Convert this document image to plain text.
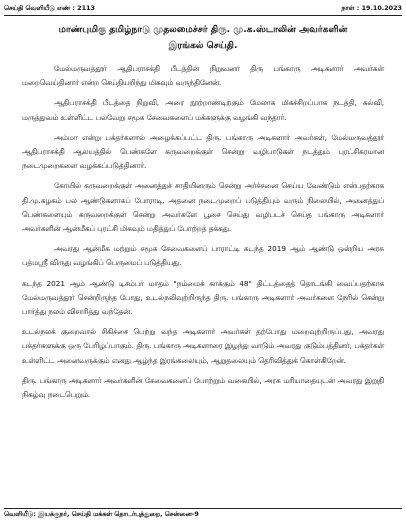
செய்தி வெளியீடு எண் : 2113	நாள் : 19.10.2023
மாண்புமிகு தமிழ்நாடு முதலமைச்சர் திரு. மு.க.ஸ்டாலின் அவர்களின்
இரங்கல் செய்தி.

மேல்மருவத்தூர் ஆதிபராசக்தி பீடத்தின் நிறுவனர் திரு பங்காரு அடிகளார் அவர்கள் மறைவெய்தினார் என்ற செய்தியறிந்து மிகவும் வருந்தினேன்.

ஆதிபராசக்தி பீடத்தை நிறுவி, அரை நூற்றாண்டிற்கும் மேலாக மிகச்சிறப்பாக நடத்தி, கல்வி, மருத்துவம் உள்ளிட்ட பல்வேறு சமூக சேவைகளைப் மக்களுக்கு வழங்கி வந்தார்.

அம்மா என்று பக்தர்களால் அழைக்கப்பட்ட திரு. பங்காரு அடிகளார் அவர்கள், மேல்மருவத்தூர் ஆதிபராசக்தி ஆலயத்தில் பெண்களே கருவறைக்குள் சென்று வழிபாடுகள் நடத்தும் புரட்சிகரமான நடைமுறைகளை வழக்கப்படுத்தினார்.

கோயில் கருவறைக்குள் அனைத்துச் சாதியினரும் சென்று அர்ச்சனை செய்ய வேண்டும் என்பதற்காக தி.மு.கழகம் பல ஆண்டுகளாகப் போராடி, அதனை நடைமுறைப் படுத்தியும் வரும் நிலையில், அனைத்துப் பெண்களையும் கருவறைக்குள் சென்று அவர்களே பூசை செய்து வழிபடச் செய்த பங்காரு அடிகளார் அவர்களின் ஆன்மீகப் புரட்சி மிகவும் மதித்துப் போற்றத் தக்கது.

அவரது ஆன்மீக மற்றும் சமூக சேவைகளைப் பாராட்டி கடந்த 2019 ஆம் ஆண்டு ஒன்றிய அரசு பத்மஸ்ரீ விருது வழங்கிப் பெருமைப் படுத்தியது.

கடந்த 2021 ஆம் ஆண்டு டிசம்பர் மாதம் "நம்மைக் காக்கும் 48" திட்டத்தைத் தொடங்கி வைப்பதற்காக மேல்மருவத்தூர் சென்றிருந்த போது, உடல்நலிவுற்றிருந்த திரு. பங்காரு அடிகளார் அவர்களை நேரில் சென்று பார்த்து நலம் விசாரித்து வந்தேன்.

உடல்நலக் குறைவால் சிகிச்சை பெற்று வந்த அடிகளார் அவர்கள் தற்போது மறைவுற்றிருப்பது, அவரது பக்தர்களுக்கு ஒரு பேரிழப்பாகும். திரு. பங்காரு அடிகளாரை இழந்து வாடும் அவரது குடும்பத்தினர், பக்தர்கள் உள்ளிட்ட அனைவருக்கும் எனது ஆழ்ந்த இரங்கலையும், ஆறுதலையும் தெரிவித்துக் கொள்கிறேன்.

திரு. பங்காரு அடிகளார் அவர்களின் சேவைகளைப் போற்றும் வகையில், அரசு மரியாதையுடன் அவரது இறுதி நிகழ்வு நடைபெறும்.

வெளியீடு: இயக்குநர், செய்தி மக்கள் தொடர்புத்துறை, சென்னை-9
